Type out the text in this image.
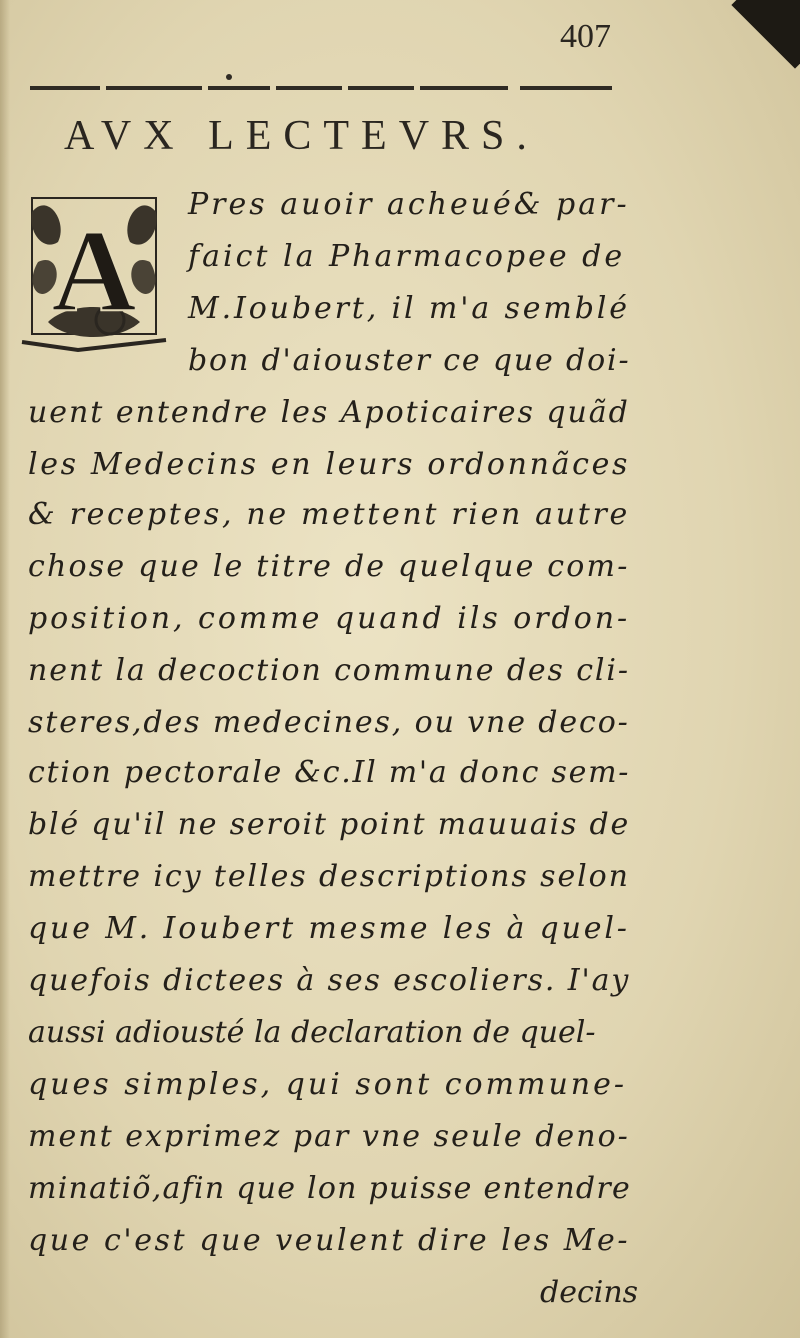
407
AVX LECTEVRS.
A
Pres auoir acheué& par-
faict la Pharmacopee de
M.Ioubert, il m'a semblé
bon d'aiouster ce que doi-
uent entendre les Apoticaires quãd
les Medecins en leurs ordonnãces
& receptes, ne mettent rien autre
chose que le titre de quelque com-
position, comme quand ils ordon-
nent la decoction commune des cli-
steres,des medecines, ou vne deco-
ction pectorale &c.Il m'a donc sem-
blé qu'il ne seroit point mauuais de
mettre icy telles descriptions selon
que M. Ioubert mesme les à quel-
quefois dictees à ses escoliers. I'ay
aussi adiousté la declaration de quel-
ques simples, qui sont commune-
ment exprimez par vne seule deno-
minatiõ,afin que lon puisse entendre
que c'est que veulent dire les Me-
decins
